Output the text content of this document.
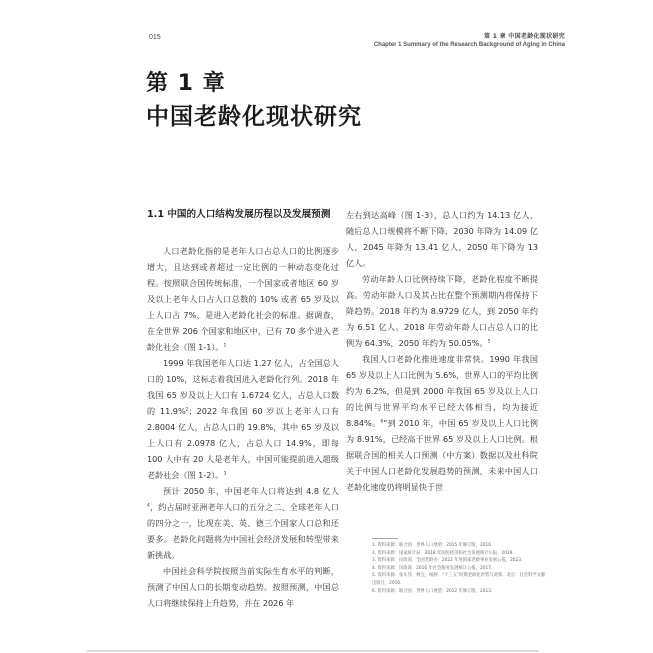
015	第 1 章 中国老龄化现状研究
Chapter 1 Summary of the Research Background of Aging in China
第 1 章
中国老龄化现状研究
1.1 中国的人口结构发展历程以及发展预测

人口老龄化指的是老年人口占总人口的比例逐步增大，且达到或者超过一定比例的一种动态变化过程。按照联合国传统标准，一个国家或者地区 60 岁及以上老年人口占人口总数的 10% 或者 65 岁及以上人口占 7%，是进入老龄化社会的标准。据调查，在全世界 206 个国家和地区中，已有 70 多个进入老龄化社会（图 1-1）。$^1$

1999 年我国老年人口达 1.27 亿人，占全国总人口的 10%，这标志着我国进入老龄化行列。2018 年我国 65 岁及以上人口有 1.6724 亿人，占总人口数的 11.9%$^2$；2022 年我国 60 岁以上老年人口有 2.8004 亿人，占总人口的 19.8%，其中 65 岁及以上人口有 2.0978 亿人，占总人口 14.9%，即每 100 人中有 20 人是老年人，中国可能提前进入超级老龄社会（图 1-2）。$^3$

预计 2050 年，中国老年人口将达到 4.8 亿人$^4$，约占届时亚洲老年人口的五分之二、全球老年人口的四分之一，比现在美、英、德三个国家人口总和还要多。老龄化问题将为中国社会经济发展和转型带来新挑战。

中国社会科学院按照当前实际生育水平的判断，预测了中国人口的长期变动趋势。按照预测，中国总人口将继续保持上升趋势，并在 2026 年

左右到达高峰（图 1-3），总人口约为 14.13 亿人，随后总人口规模将不断下降，2030 年降为 14.09 亿人，2045 年降为 13.41 亿人，2050 年下降为 13 亿人。

劳动年龄人口比例持续下降，老龄化程度不断提高。劳动年龄人口及其占比在整个预测期内将保持下降趋势。2018 年约为 8.9729 亿人，到 2050 年约为 6.51 亿人。2018 年劳动年龄人口占总人口的比例为 64.3%，2050 年约为 50.05%。$^5$

我国人口老龄化推进速度非常快。1990 年我国 65 岁及以上人口比例为 5.6%，世界人口的平均比例约为 6.2%，但是到 2000 年我国 65 岁及以上人口的比例与世界平均水平已经大体相当，均为接近 8.84%。$^6$“到 2010 年，中国 65 岁及以上人口比例为 8.91%，已经高于世界 65 岁及以上人口比例。根据联合国的相关人口预测（中方案）数据以及社科院关于中国人口老龄化发展趋势的预测，未来中国人口老龄化速度仍将明显快于世

1. 资料来源：联合国．世界人口展望：2015 年修订版，2016.

2. 资料来源：国家统计局．2018 年国民经济和社会发展统计公报，2019.

3. 资料来源：民政部，全国老龄办．2022 年度国家老龄事业发展公报，2023.

4. 资料来源：民政部．2016 年社会服务发展统计公报，2017.

5. 资料来源：张车伟，林宝，杨舸．“十三五”时期老龄化形势与对策．北京：社会科学文献出版社，2016.

6. 资料来源：联合国．世界人口展望：2012 年修订版，2013.
